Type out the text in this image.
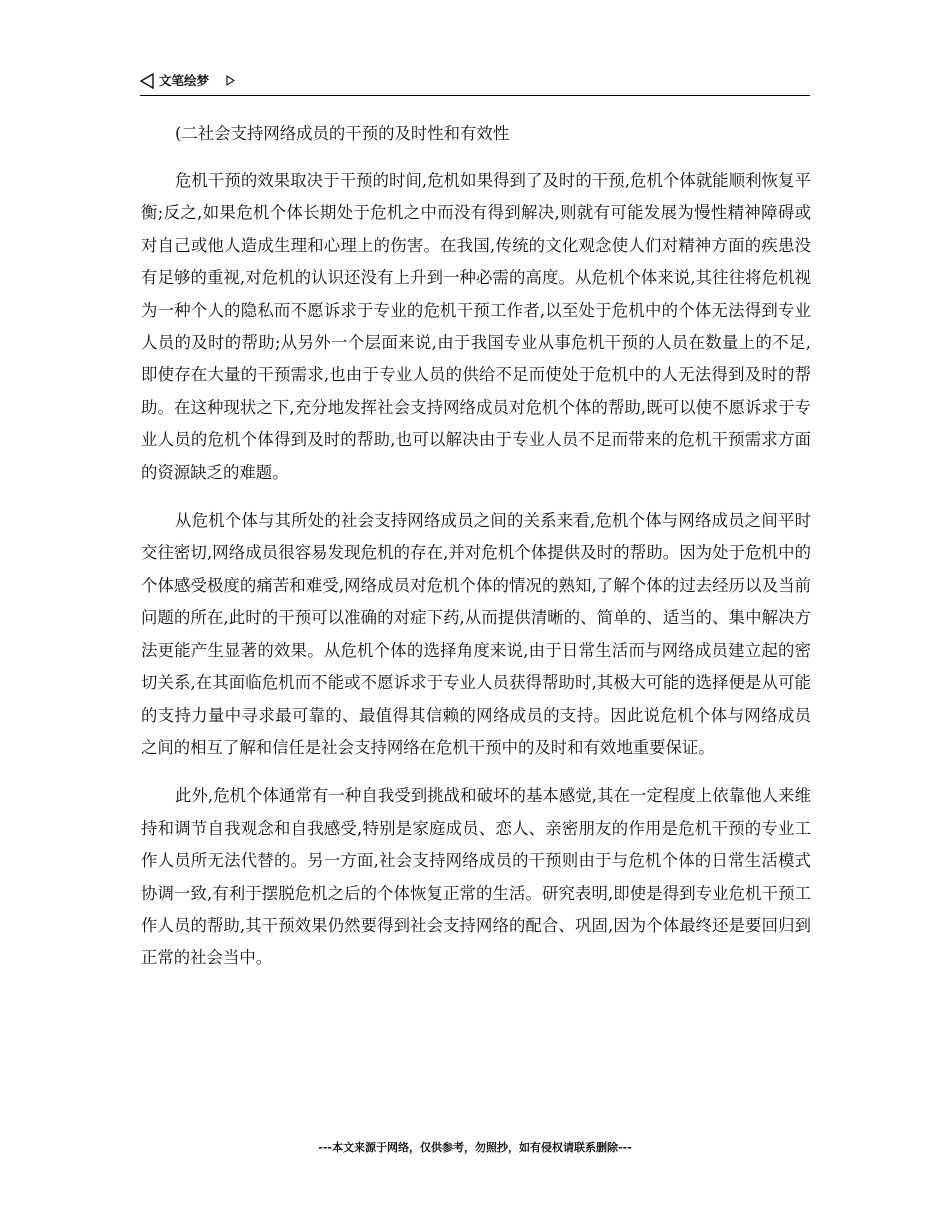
文笔绘梦
(二社会支持网络成员的干预的及时性和有效性

危机干预的效果取决于干预的时间,危机如果得到了及时的干预,危机个体就能顺利恢复平衡;反之,如果危机个体长期处于危机之中而没有得到解决,则就有可能发展为慢性精神障碍或对自己或他人造成生理和心理上的伤害。在我国,传统的文化观念使人们对精神方面的疾患没有足够的重视,对危机的认识还没有上升到一种必需的高度。从危机个体来说,其往往将危机视为一种个人的隐私而不愿诉求于专业的危机干预工作者,以至处于危机中的个体无法得到专业人员的及时的帮助;从另外一个层面来说,由于我国专业从事危机干预的人员在数量上的不足,即使存在大量的干预需求,也由于专业人员的供给不足而使处于危机中的人无法得到及时的帮助。在这种现状之下,充分地发挥社会支持网络成员对危机个体的帮助,既可以使不愿诉求于专业人员的危机个体得到及时的帮助,也可以解决由于专业人员不足而带来的危机干预需求方面的资源缺乏的难题。

从危机个体与其所处的社会支持网络成员之间的关系来看,危机个体与网络成员之间平时交往密切,网络成员很容易发现危机的存在,并对危机个体提供及时的帮助。因为处于危机中的个体感受极度的痛苦和难受,网络成员对危机个体的情况的熟知,了解个体的过去经历以及当前问题的所在,此时的干预可以准确的对症下药,从而提供清晰的、简单的、适当的、集中解决方法更能产生显著的效果。从危机个体的选择角度来说,由于日常生活而与网络成员建立起的密切关系,在其面临危机而不能或不愿诉求于专业人员获得帮助时,其极大可能的选择便是从可能的支持力量中寻求最可靠的、最值得其信赖的网络成员的支持。因此说危机个体与网络成员之间的相互了解和信任是社会支持网络在危机干预中的及时和有效地重要保证。

此外,危机个体通常有一种自我受到挑战和破坏的基本感觉,其在一定程度上依靠他人来维持和调节自我观念和自我感受,特别是家庭成员、恋人、亲密朋友的作用是危机干预的专业工作人员所无法代替的。另一方面,社会支持网络成员的干预则由于与危机个体的日常生活模式协调一致,有利于摆脱危机之后的个体恢复正常的生活。研究表明,即使是得到专业危机干预工作人员的帮助,其干预效果仍然要得到社会支持网络的配合、巩固,因为个体最终还是要回归到正常的社会当中。

---本文来源于网络，仅供参考，勿照抄，如有侵权请联系删除---
